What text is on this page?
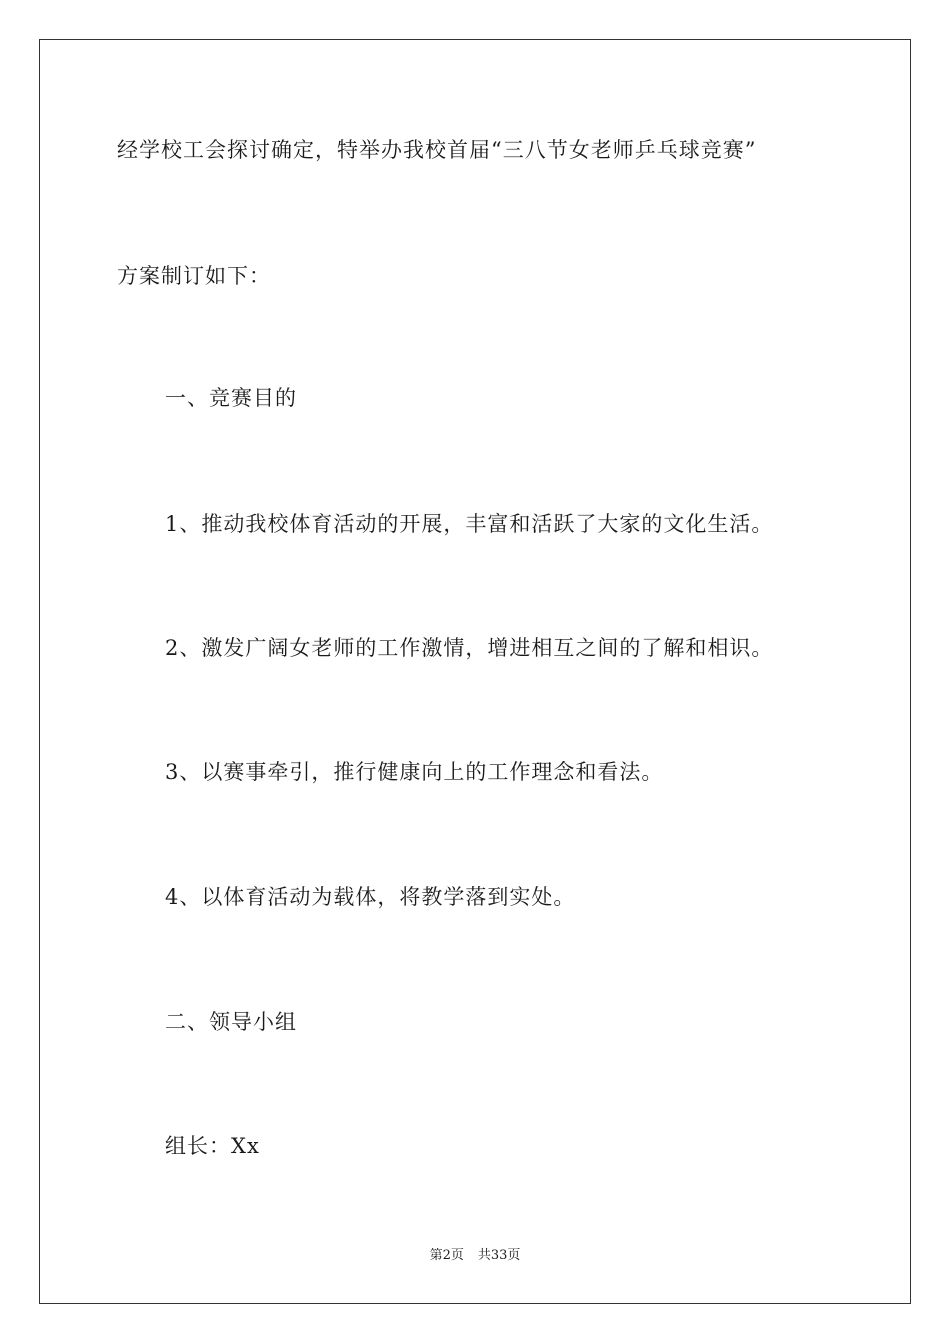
经学校工会探讨确定，特举办我校首届“三八节女老师乒乓球竞赛”
方案制订如下：
一、竞赛目的
1、推动我校体育活动的开展，丰富和活跃了大家的文化生活。
2、激发广阔女老师的工作激情，增进相互之间的了解和相识。
3、以赛事牵引，推行健康向上的工作理念和看法。
4、以体育活动为载体，将教学落到实处。
二、领导小组
组长：Xx
第2页 共33页
